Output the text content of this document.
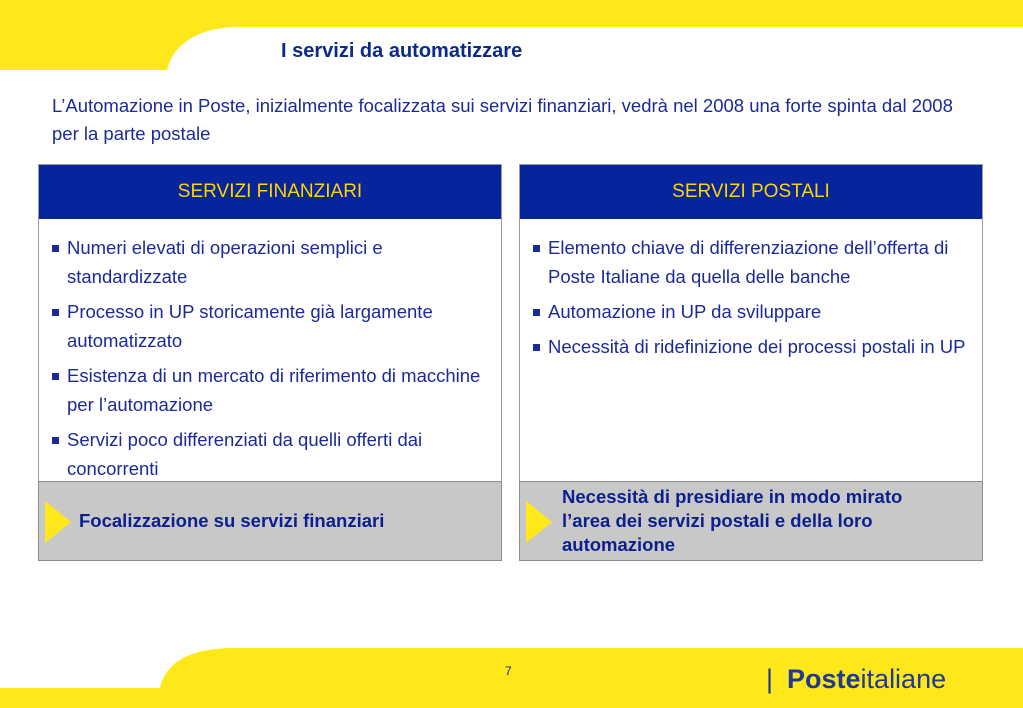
I servizi da automatizzare
L’Automazione in Poste, inizialmente focalizzata sui servizi finanziari, vedrà nel 2008 una forte spinta dal 2008 per la parte postale
SERVIZI FINANZIARI
Numeri elevati di operazioni semplici e standardizzate
Processo in UP storicamente già largamente automatizzato
Esistenza di un mercato di riferimento di macchine per l’automazione
Servizi poco differenziati da quelli offerti dai concorrenti
SERVIZI POSTALI
Elemento chiave di differenziazione dell’offerta di Poste Italiane da quella delle banche
Automazione in UP da sviluppare
Necessità di ridefinizione dei processi postali in UP
Focalizzazione su servizi finanziari
Necessità di presidiare in modo mirato l’area dei servizi postali e della loro automazione
7	| Posteitaliane
